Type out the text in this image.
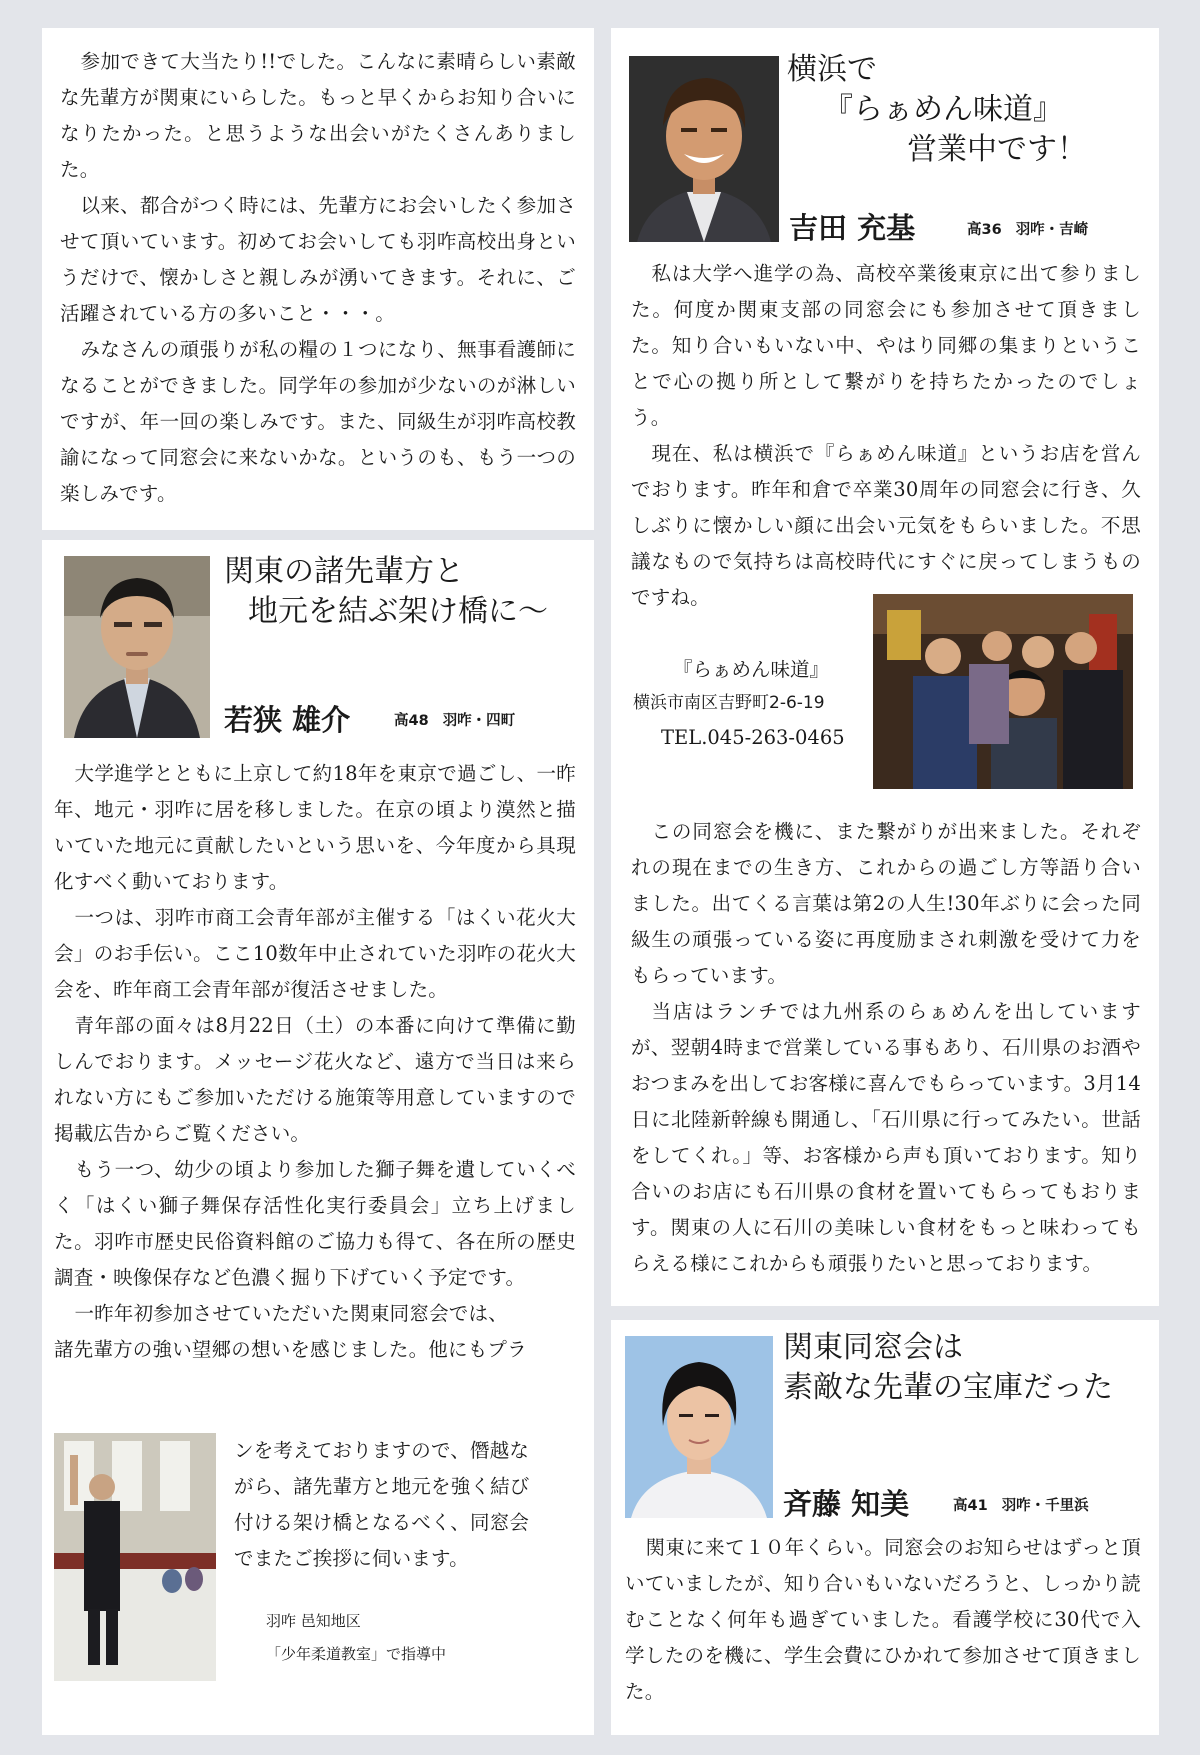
参加できて大当たり!!でした。こんなに素晴らしい素敵な先輩方が関東にいらした。もっと早くからお知り合いになりたかった。と思うような出会いがたくさんありました。

以来、都合がつく時には、先輩方にお会いしたく参加させて頂いています。初めてお会いしても羽咋高校出身というだけで、懐かしさと親しみが湧いてきます。それに、ご活躍されている方の多いこと・・・。

みなさんの頑張りが私の糧の１つになり、無事看護師になることができました。同学年の参加が少ないのが淋しいですが、年一回の楽しみです。また、同級生が羽咋高校教諭になって同窓会に来ないかな。というのも、もう一つの楽しみです。

関東の諸先輩方と
地元を結ぶ架け橋に～
若狭 雄介	高48 羽咋・四町

大学進学とともに上京して約18年を東京で過ごし、一昨年、地元・羽咋に居を移しました。在京の頃より漠然と描いていた地元に貢献したいという思いを、今年度から具現化すべく動いております。

一つは、羽咋市商工会青年部が主催する「はくい花火大会」のお手伝い。ここ10数年中止されていた羽咋の花火大会を、昨年商工会青年部が復活させました。

青年部の面々は8月22日（土）の本番に向けて準備に勤しんでおります。メッセージ花火など、遠方で当日は来られない方にもご参加いただける施策等用意していますので掲載広告からご覧ください。

もう一つ、幼少の頃より参加した獅子舞を遺していくべく「はくい獅子舞保存活性化実行委員会」立ち上げました。羽咋市歴史民俗資料館のご協力も得て、各在所の歴史調査・映像保存など色濃く掘り下げていく予定です。

一昨年初参加させていただいた関東同窓会では、

諸先輩方の強い望郷の想いを感じました。他にもプラ

ンを考えておりますので、僭越な

がら、諸先輩方と地元を強く結び

付ける架け橋となるべく、同窓会

でまたご挨拶に伺います。

羽咋 邑知地区
「少年柔道教室」で指導中
横浜で
『らぁめん味道』
営業中です！
吉田 充基	高36 羽咋・吉崎

私は大学へ進学の為、高校卒業後東京に出て参りました。何度か関東支部の同窓会にも参加させて頂きました。知り合いもいない中、やはり同郷の集まりということで心の拠り所として繋がりを持ちたかったのでしょう。

現在、私は横浜で『らぁめん味道』というお店を営んでおります。昨年和倉で卒業30周年の同窓会に行き、久しぶりに懐かしい顔に出会い元気をもらいました。不思議なもので気持ちは高校時代にすぐに戻ってしまうものですね。

『らぁめん味道』
横浜市南区吉野町2-6-19
TEL.045-263-0465

この同窓会を機に、また繋がりが出来ました。それぞれの現在までの生き方、これからの過ごし方等語り合いました。出てくる言葉は第2の人生!30年ぶりに会った同級生の頑張っている姿に再度励まされ刺激を受けて力をもらっています。

当店はランチでは九州系のらぁめんを出していますが、翌朝4時まで営業している事もあり、石川県のお酒やおつまみを出してお客様に喜んでもらっています。3月14日に北陸新幹線も開通し、「石川県に行ってみたい。世話をしてくれ。」等、お客様から声も頂いております。知り合いのお店にも石川県の食材を置いてもらってもおります。関東の人に石川の美味しい食材をもっと味わってもらえる様にこれからも頑張りたいと思っております。

関東同窓会は
素敵な先輩の宝庫だった
斉藤 知美	高41 羽咋・千里浜

関東に来て１０年くらい。同窓会のお知らせはずっと頂いていましたが、知り合いもいないだろうと、しっかり読むことなく何年も過ぎていました。看護学校に30代で入学したのを機に、学生会費にひかれて参加させて頂きました。
